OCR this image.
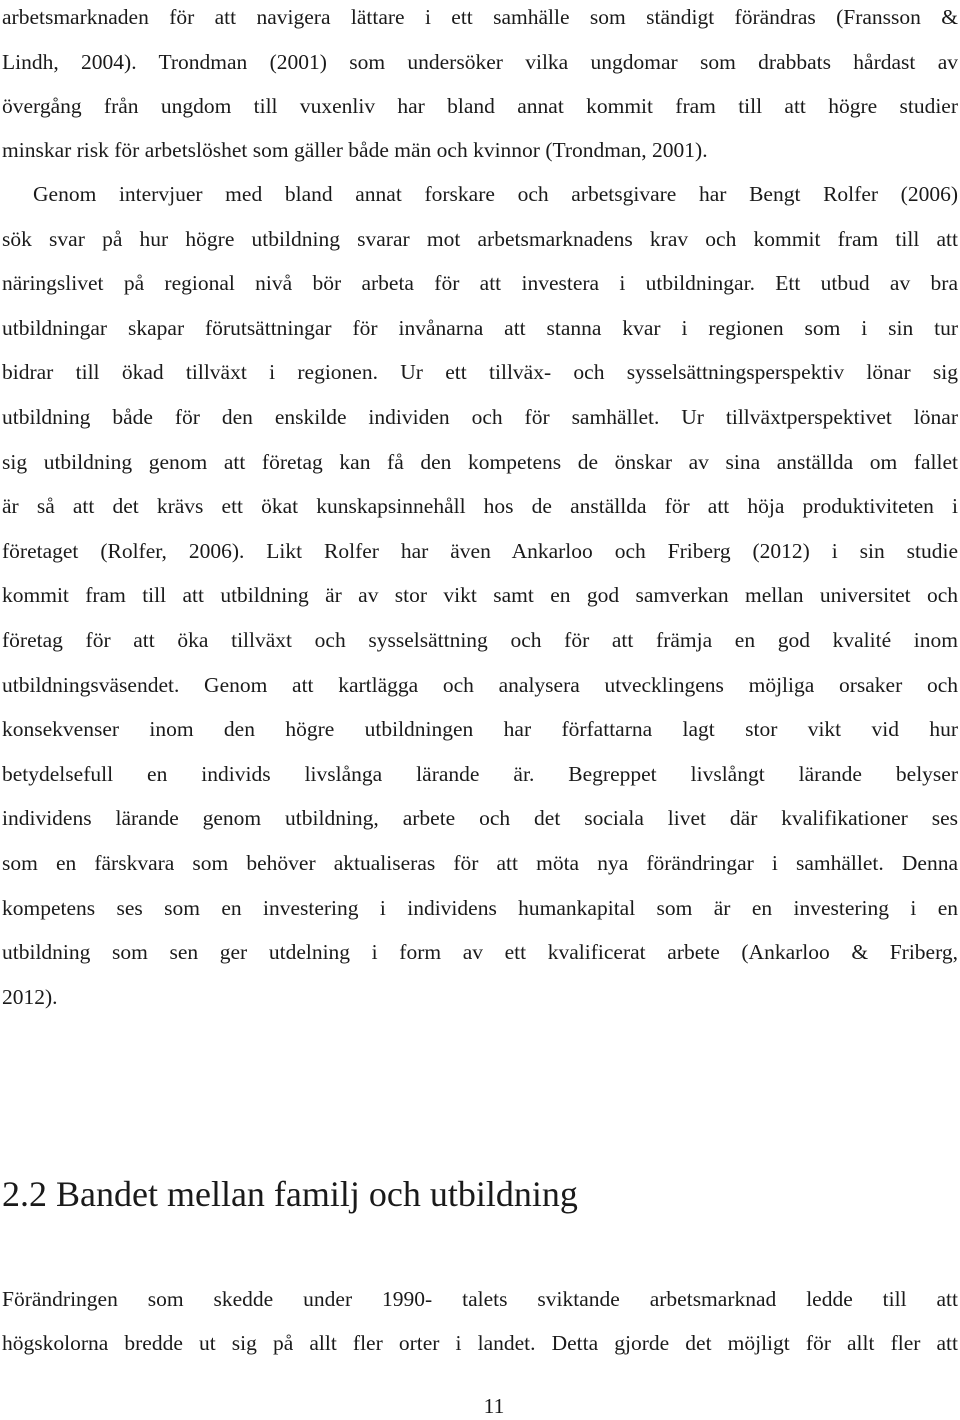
arbetsmarknaden för att navigera lättare i ett samhälle som ständigt förändras (Fransson &
Lindh, 2004). Trondman (2001) som undersöker vilka ungdomar som drabbats hårdast av
övergång från ungdom till vuxenliv har bland annat kommit fram till att högre studier
minskar risk för arbetslöshet som gäller både män och kvinnor (Trondman, 2001).
Genom intervjuer med bland annat forskare och arbetsgivare har Bengt Rolfer (2006)
sök svar på hur högre utbildning svarar mot arbetsmarknadens krav och kommit fram till att
näringslivet på regional nivå bör arbeta för att investera i utbildningar. Ett utbud av bra
utbildningar skapar förutsättningar för invånarna att stanna kvar i regionen som i sin tur
bidrar till ökad tillväxt i regionen. Ur ett tillväx- och sysselsättningsperspektiv lönar sig
utbildning både för den enskilde individen och för samhället. Ur tillväxtperspektivet lönar
sig utbildning genom att företag kan få den kompetens de önskar av sina anställda om fallet
är så att det krävs ett ökat kunskapsinnehåll hos de anställda för att höja produktiviteten i
företaget (Rolfer, 2006). Likt Rolfer har även Ankarloo och Friberg (2012) i sin studie
kommit fram till att utbildning är av stor vikt samt en god samverkan mellan universitet och
företag för att öka tillväxt och sysselsättning och för att främja en god kvalité inom
utbildningsväsendet. Genom att kartlägga och analysera utvecklingens möjliga orsaker och
konsekvenser inom den högre utbildningen har författarna lagt stor vikt vid hur
betydelsefull en individs livslånga lärande är. Begreppet livslångt lärande belyser
individens lärande genom utbildning, arbete och det sociala livet där kvalifikationer ses
som en färskvara som behöver aktualiseras för att möta nya förändringar i samhället. Denna
kompetens ses som en investering i individens humankapital som är en investering i en
utbildning som sen ger utdelning i form av ett kvalificerat arbete (Ankarloo & Friberg,
2012).
2.2 Bandet mellan familj och utbildning
Förändringen som skedde under 1990- talets sviktande arbetsmarknad ledde till att
högskolorna bredde ut sig på allt fler orter i landet. Detta gjorde det möjligt för allt fler att
11
